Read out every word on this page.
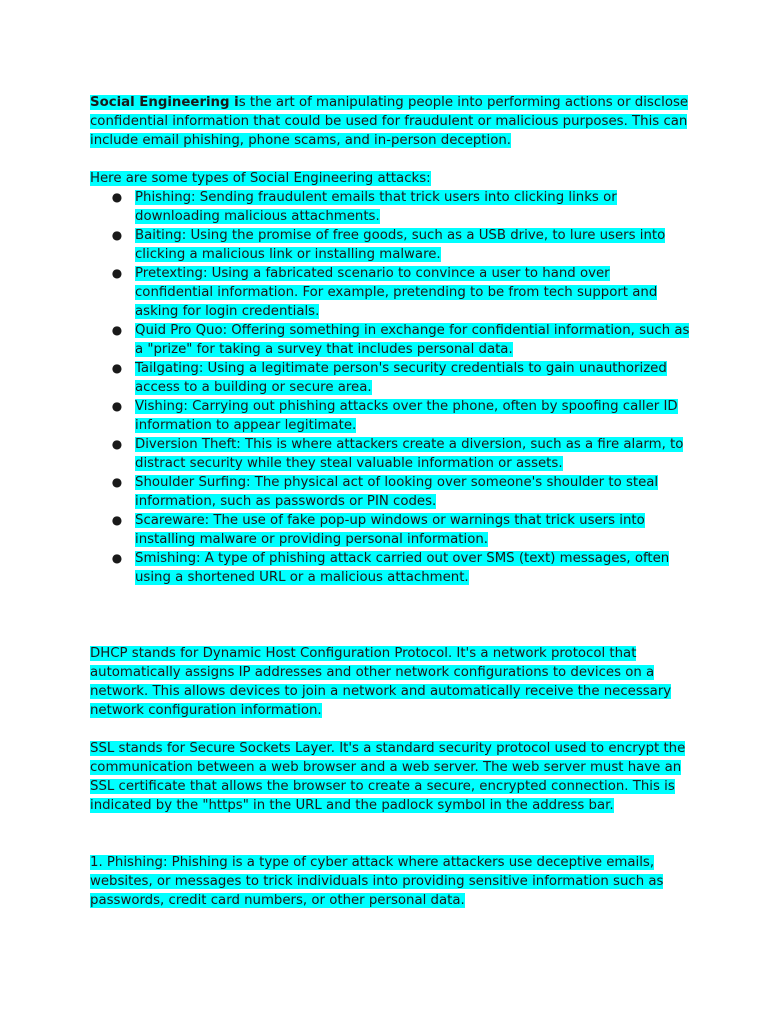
Social Engineering is the art of manipulating people into performing actions or disclose confidential information that could be used for fraudulent or malicious purposes. This can include email phishing, phone scams, and in-person deception.

Here are some types of Social Engineering attacks:

● Phishing: Sending fraudulent emails that trick users into clicking links or downloading malicious attachments.
● Baiting: Using the promise of free goods, such as a USB drive, to lure users into clicking a malicious link or installing malware.
● Pretexting: Using a fabricated scenario to convince a user to hand over confidential information. For example, pretending to be from tech support and asking for login credentials.
● Quid Pro Quo: Offering something in exchange for confidential information, such as a "prize" for taking a survey that includes personal data.
● Tailgating: Using a legitimate person's security credentials to gain unauthorized access to a building or secure area.
● Vishing: Carrying out phishing attacks over the phone, often by spoofing caller ID information to appear legitimate.
● Diversion Theft: This is where attackers create a diversion, such as a fire alarm, to distract security while they steal valuable information or assets.
● Shoulder Surfing: The physical act of looking over someone's shoulder to steal information, such as passwords or PIN codes.
● Scareware: The use of fake pop-up windows or warnings that trick users into installing malware or providing personal information.
● Smishing: A type of phishing attack carried out over SMS (text) messages, often using a shortened URL or a malicious attachment.

DHCP stands for Dynamic Host Configuration Protocol. It's a network protocol that automatically assigns IP addresses and other network configurations to devices on a network. This allows devices to join a network and automatically receive the necessary network configuration information.

SSL stands for Secure Sockets Layer. It's a standard security protocol used to encrypt the communication between a web browser and a web server. The web server must have an SSL certificate that allows the browser to create a secure, encrypted connection. This is indicated by the "https" in the URL and the padlock symbol in the address bar.

1. Phishing: Phishing is a type of cyber attack where attackers use deceptive emails, websites, or messages to trick individuals into providing sensitive information such as passwords, credit card numbers, or other personal data.
